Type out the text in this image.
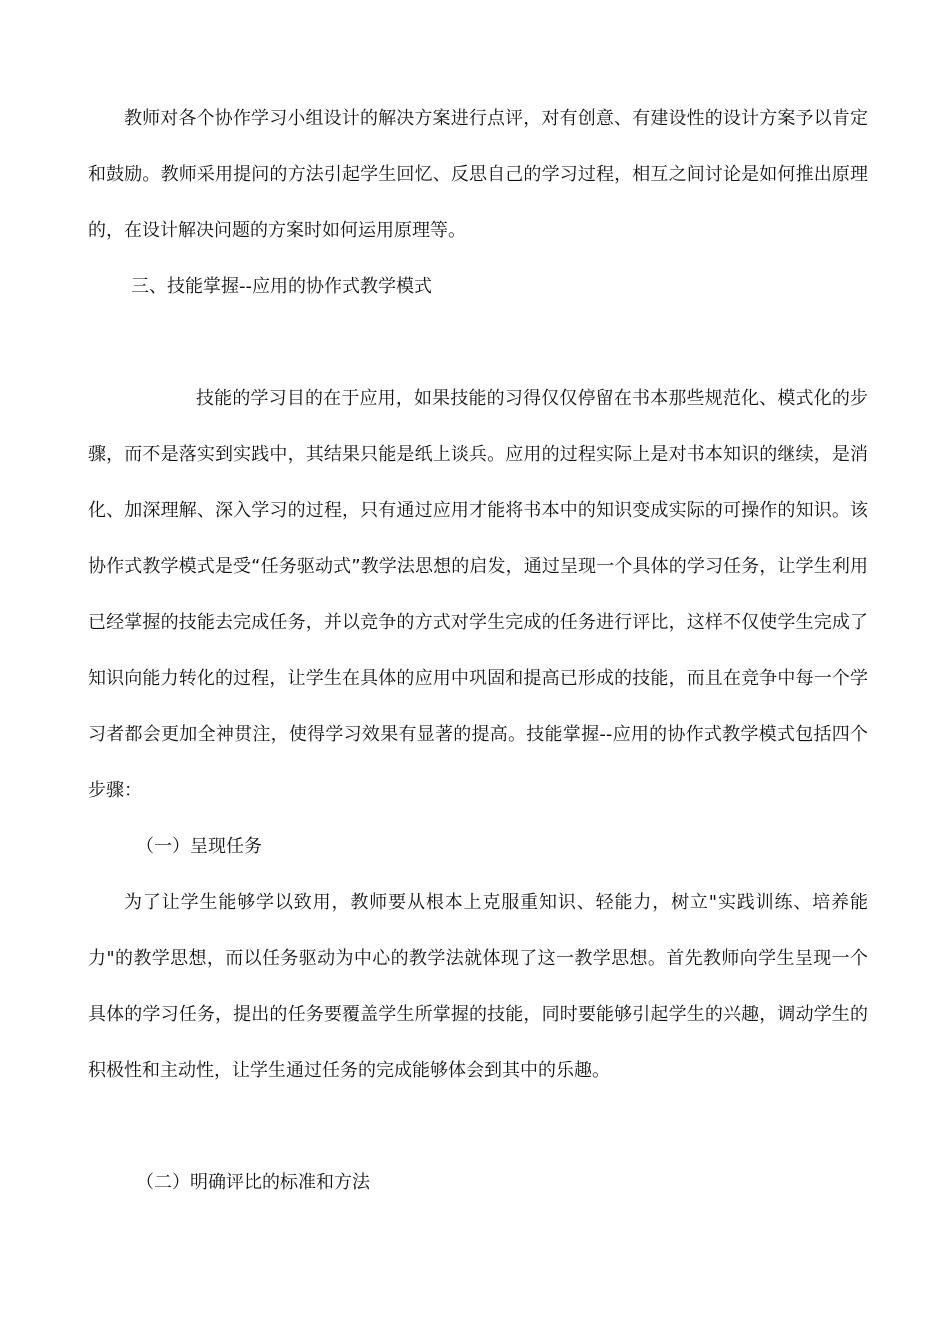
教师对各个协作学习小组设计的解决方案进行点评，对有创意、有建设性的设计方案予以肯定和鼓励。教师采用提问的方法引起学生回忆、反思自己的学习过程，相互之间讨论是如何推出原理的，在设计解决问题的方案时如何运用原理等。

三、技能掌握--应用的协作式教学模式

技能的学习目的在于应用，如果技能的习得仅仅停留在书本那些规范化、模式化的步骤，而不是落实到实践中，其结果只能是纸上谈兵。应用的过程实际上是对书本知识的继续，是消化、加深理解、深入学习的过程，只有通过应用才能将书本中的知识变成实际的可操作的知识。该协作式教学模式是受“任务驱动式”教学法思想的启发，通过呈现一个具体的学习任务，让学生利用已经掌握的技能去完成任务，并以竞争的方式对学生完成的任务进行评比，这样不仅使学生完成了知识向能力转化的过程，让学生在具体的应用中巩固和提高已形成的技能，而且在竞争中每一个学习者都会更加全神贯注，使得学习效果有显著的提高。技能掌握--应用的协作式教学模式包括四个步骤：

（一）呈现任务

为了让学生能够学以致用，教师要从根本上克服重知识、轻能力，树立"实践训练、培养能力"的教学思想，而以任务驱动为中心的教学法就体现了这一教学思想。首先教师向学生呈现一个具体的学习任务，提出的任务要覆盖学生所掌握的技能，同时要能够引起学生的兴趣，调动学生的积极性和主动性，让学生通过任务的完成能够体会到其中的乐趣。

（二）明确评比的标准和方法
